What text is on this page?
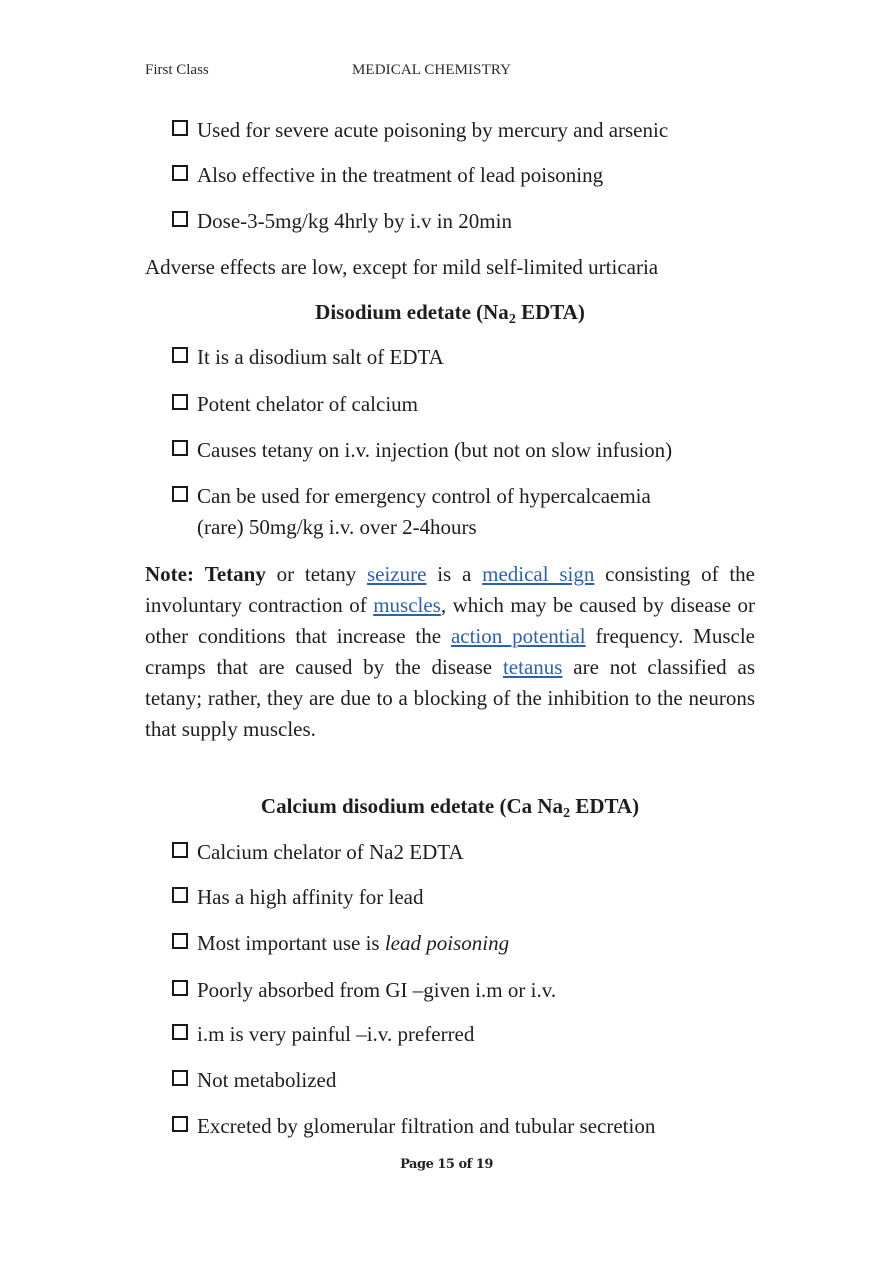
First Class	MEDICAL CHEMISTRY
Used for severe acute poisoning by mercury and arsenic
Also effective in the treatment of lead poisoning
Dose-3-5mg/kg 4hrly by i.v in 20min
Adverse effects are low, except for mild self-limited urticaria
Disodium edetate ($Na_2$ EDTA)
It is a disodium salt of EDTA
Potent chelator of calcium
Causes tetany on i.v. injection (but not on slow infusion)
Can be used for emergency control of hypercalcaemia
(rare) 50mg/kg i.v. over 2-4hours
Note: Tetany or tetany seizure is a medical sign consisting of the involuntary contraction of muscles, which may be caused by disease or other conditions that increase the action potential frequency. Muscle cramps that are caused by the disease tetanus are not classified as tetany; rather, they are due to a blocking of the inhibition to the neurons that supply muscles.
Calcium disodium edetate (Ca $Na_2$ EDTA)
Calcium chelator of Na2 EDTA
Has a high affinity for lead
Most important use is lead poisoning
Poorly absorbed from GI –given i.m or i.v.
i.m is very painful –i.v. preferred
Not metabolized
Excreted by glomerular filtration and tubular secretion
Page 15 of 19
